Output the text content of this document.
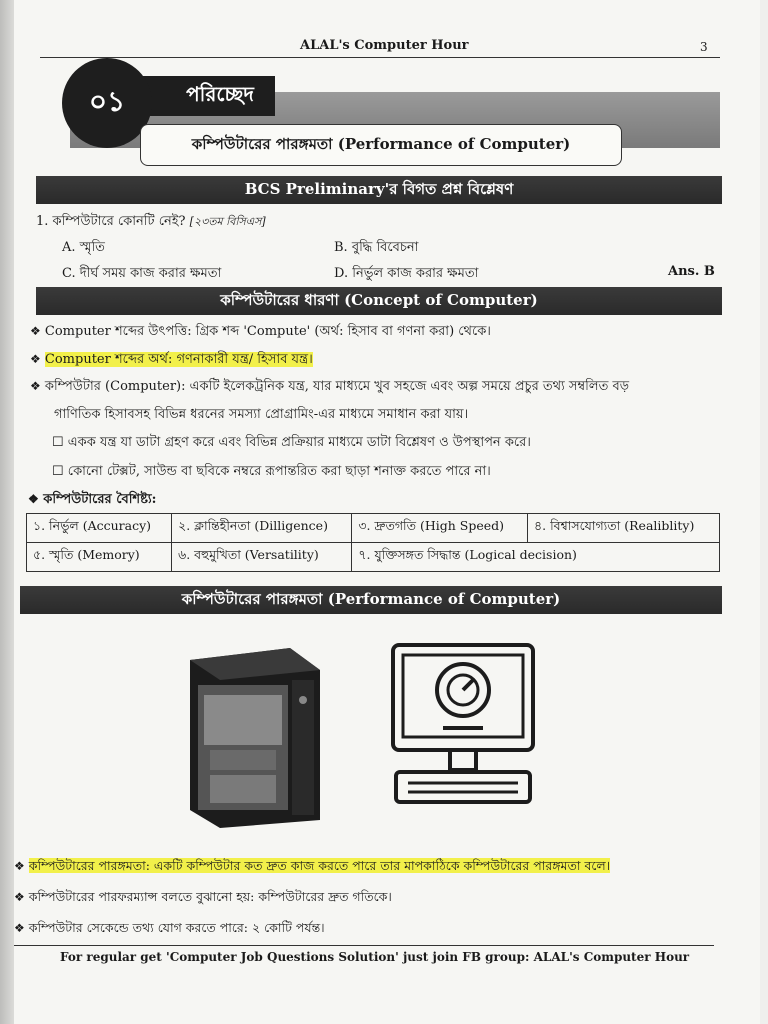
ALAL's Computer Hour	3
পরিচ্ছেদ
০১
কম্পিউটারের পারঙ্গমতা (Performance of Computer)
BCS Preliminary'র বিগত প্রশ্ন বিশ্লেষণ
1. কম্পিউটারে কোনটি নেই? [২৩তম বিসিএস]
A. স্মৃতি	B. বুদ্ধি বিবেচনা
C. দীর্ঘ সময় কাজ করার ক্ষমতা	D. নির্ভুল কাজ করার ক্ষমতা	Ans. B
কম্পিউটারের ধারণা (Concept of Computer)
❖ Computer শব্দের উৎপত্তি: গ্রিক শব্দ 'Compute' (অর্থ: হিসাব বা গণনা করা) থেকে।
❖ Computer শব্দের অর্থ: গণনাকারী যন্ত্র/ হিসাব যন্ত্র।
❖ কম্পিউটার (Computer): একটি ইলেকট্রনিক যন্ত্র, যার মাধ্যমে খুব সহজে এবং অল্প সময়ে প্রচুর তথ্য সম্বলিত বড়
গাণিতিক হিসাবসহ বিভিন্ন ধরনের সমস্যা প্রোগ্রামিং-এর মাধ্যমে সমাধান করা যায়।
☐ একক যন্ত্র যা ডাটা গ্রহণ করে এবং বিভিন্ন প্রক্রিয়ার মাধ্যমে ডাটা বিশ্লেষণ ও উপস্থাপন করে।
☐ কোনো টেক্সট, সাউন্ড বা ছবিকে নম্বরে রূপান্তরিত করা ছাড়া শনাক্ত করতে পারে না।
❖ কম্পিউটারের বৈশিষ্ট্য:
১. নির্ভুল (Accuracy)	২. ক্লান্তিহীনতা (Dilligence)	৩. দ্রুতগতি (High Speed)	৪. বিশ্বাসযোগ্যতা (Realiblity)
৫. স্মৃতি (Memory)	৬. বহুমুখিতা (Versatility)	৭. যুক্তিসঙ্গত সিদ্ধান্ত (Logical decision)	
কম্পিউটারের পারঙ্গমতা (Performance of Computer)
❖ কম্পিউটারের পারঙ্গমতা: একটি কম্পিউটার কত দ্রুত কাজ করতে পারে তার মাপকাঠিকে কম্পিউটারের পারঙ্গমতা বলে।
❖ কম্পিউটারের পারফরম্যান্স বলতে বুঝানো হয়: কম্পিউটারের দ্রুত গতিকে।
❖ কম্পিউটার সেকেন্ডে তথ্য যোগ করতে পারে: ২ কোটি পর্যন্ত।
For regular get 'Computer Job Questions Solution' just join FB group: ALAL's Computer Hour
